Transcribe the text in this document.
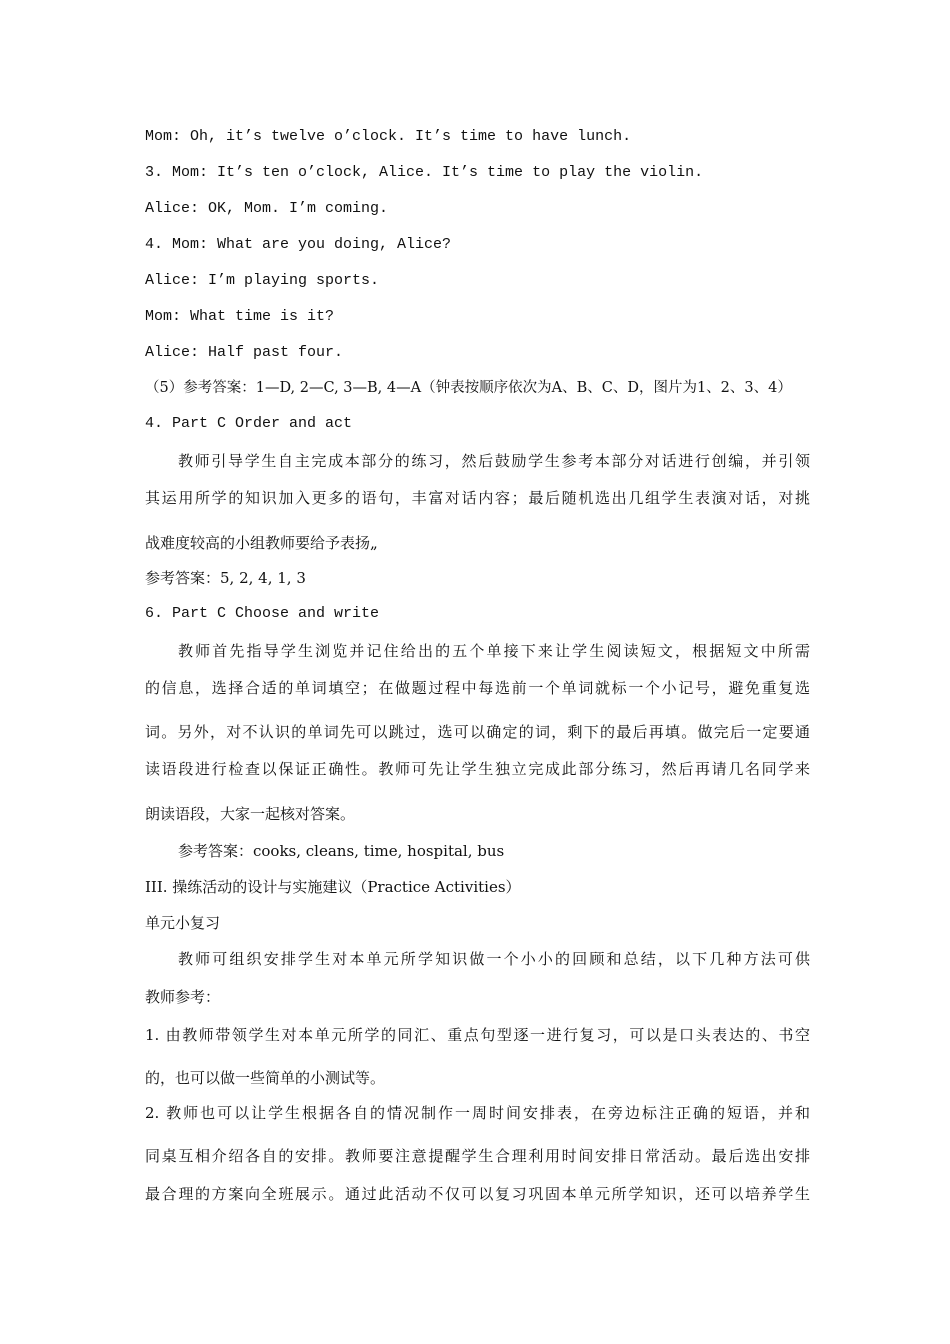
Mom: Oh, it’s twelve o’clock. It’s time to have lunch.
3. Mom: It’s ten o’clock, Alice. It’s time to play the violin.
Alice: OK, Mom. I’m coming.
4. Mom: What are you doing, Alice?
Alice: I’m playing sports.
Mom: What time is it?
Alice: Half past four.
（5）参考答案：1—D, 2—C, 3—B, 4—A（钟表按顺序依次为A、B、C、D，图片为1、2、3、4）
4. Part C Order and act
教师引导学生自主完成本部分的练习，然后鼓励学生参考本部分对话进行创编，并引领
其运用所学的知识加入更多的语句，丰富对话内容；最后随机选出几组学生表演对话，对挑
战难度较高的小组教师要给予表扬„
参考答案：5, 2, 4, 1, 3
6. Part C Choose and write
教师首先指导学生浏览并记住给出的五个单接下来让学生阅读短文，根据短文中所需
的信息，选择合适的单词填空；在做题过程中每选前一个单词就标一个小记号，避免重复选
词。另外，对不认识的单词先可以跳过，选可以确定的词，剩下的最后再填。做完后一定要通
读语段进行检查以保证正确性。教师可先让学生独立完成此部分练习，然后再请几名同学来
朗读语段，大家一起核对答案。
参考答案：cooks, cleans, time, hospital, bus
III. 操练活动的设计与实施建议（Practice Activities）
单元小复习
教师可组织安排学生对本单元所学知识做一个小小的回顾和总结，以下几种方法可供
教师参考：
1. 由教师带领学生对本单元所学的同汇、重点句型逐一进行复习，可以是口头表达的、书空
的，也可以做一些简单的小测试等。
2. 教师也可以让学生根据各自的情况制作一周时间安排表，在旁边标注正确的短语，并和
同桌互相介绍各自的安排。教师要注意提醒学生合理利用时间安排日常活动。最后选出安排
最合理的方案向全班展示。通过此活动不仅可以复习巩固本单元所学知识，还可以培养学生
